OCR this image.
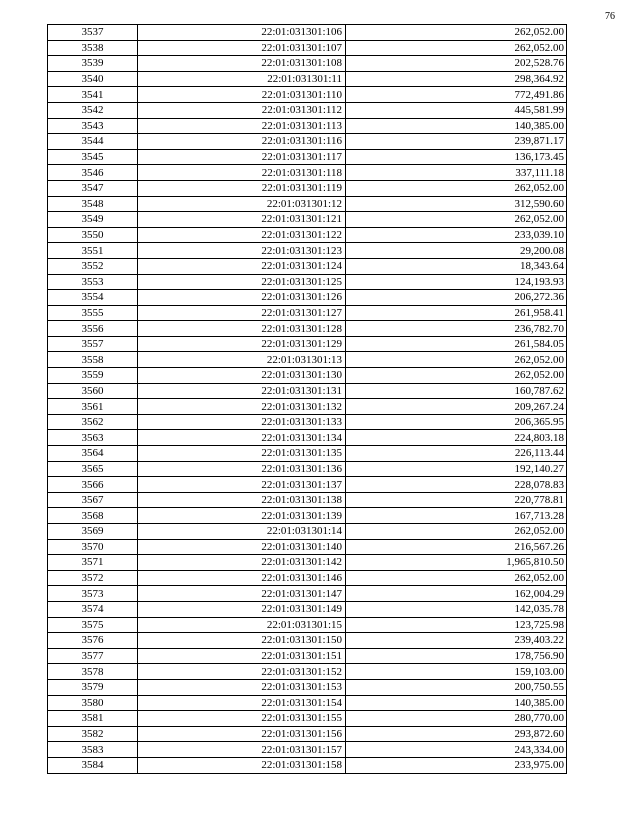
76
3537	22:01:031301:106	262,052.00
3538	22:01:031301:107	262,052.00
3539	22:01:031301:108	202,528.76
3540	22:01:031301:11	298,364.92
3541	22:01:031301:110	772,491.86
3542	22:01:031301:112	445,581.99
3543	22:01:031301:113	140,385.00
3544	22:01:031301:116	239,871.17
3545	22:01:031301:117	136,173.45
3546	22:01:031301:118	337,111.18
3547	22:01:031301:119	262,052.00
3548	22:01:031301:12	312,590.60
3549	22:01:031301:121	262,052.00
3550	22:01:031301:122	233,039.10
3551	22:01:031301:123	29,200.08
3552	22:01:031301:124	18,343.64
3553	22:01:031301:125	124,193.93
3554	22:01:031301:126	206,272.36
3555	22:01:031301:127	261,958.41
3556	22:01:031301:128	236,782.70
3557	22:01:031301:129	261,584.05
3558	22:01:031301:13	262,052.00
3559	22:01:031301:130	262,052.00
3560	22:01:031301:131	160,787.62
3561	22:01:031301:132	209,267.24
3562	22:01:031301:133	206,365.95
3563	22:01:031301:134	224,803.18
3564	22:01:031301:135	226,113.44
3565	22:01:031301:136	192,140.27
3566	22:01:031301:137	228,078.83
3567	22:01:031301:138	220,778.81
3568	22:01:031301:139	167,713.28
3569	22:01:031301:14	262,052.00
3570	22:01:031301:140	216,567.26
3571	22:01:031301:142	1,965,810.50
3572	22:01:031301:146	262,052.00
3573	22:01:031301:147	162,004.29
3574	22:01:031301:149	142,035.78
3575	22:01:031301:15	123,725.98
3576	22:01:031301:150	239,403.22
3577	22:01:031301:151	178,756.90
3578	22:01:031301:152	159,103.00
3579	22:01:031301:153	200,750.55
3580	22:01:031301:154	140,385.00
3581	22:01:031301:155	280,770.00
3582	22:01:031301:156	293,872.60
3583	22:01:031301:157	243,334.00
3584	22:01:031301:158	233,975.00
